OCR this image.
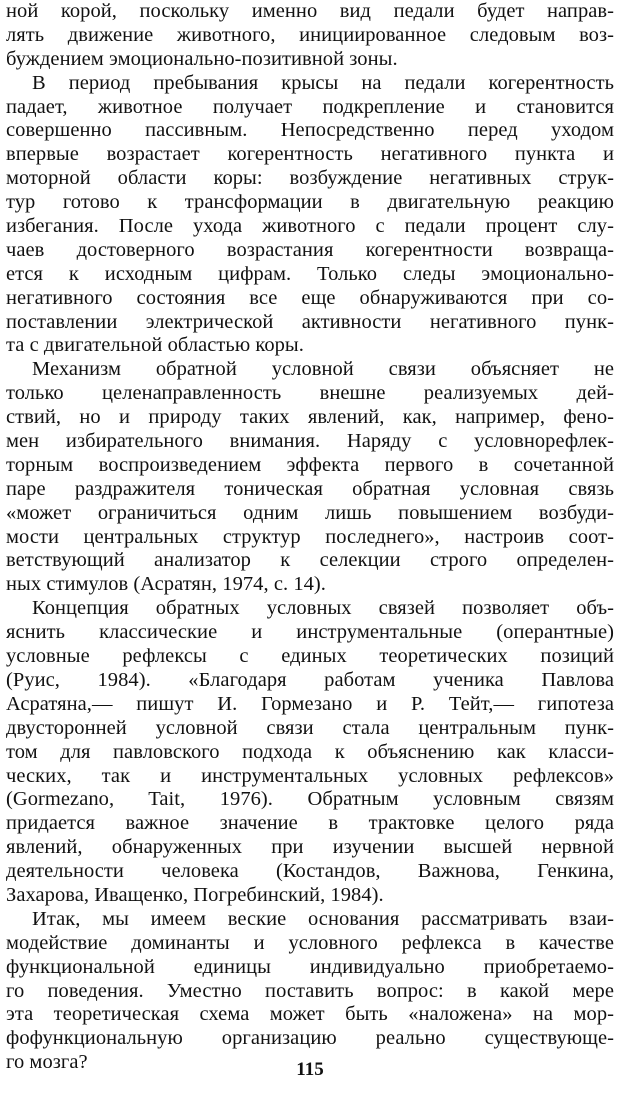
ной корой, поскольку именно вид педали будет направ-
лять движение животного, инициированное следовым воз-
буждением эмоционально-позитивной зоны.
В период пребывания крысы на педали когерентность
падает, животное получает подкрепление и становится
совершенно пассивным. Непосредственно перед уходом
впервые возрастает когерентность негативного пункта и
моторной области коры: возбуждение негативных струк-
тур готово к трансформации в двигательную реакцию
избегания. После ухода животного с педали процент слу-
чаев достоверного возрастания когерентности возвраща-
ется к исходным цифрам. Только следы эмоционально-
негативного состояния все еще обнаруживаются при со-
поставлении электрической активности негативного пунк-
та с двигательной областью коры.
Механизм обратной условной связи объясняет не
только целенаправленность внешне реализуемых дей-
ствий, но и природу таких явлений, как, например, фено-
мен избирательного внимания. Наряду с условнорефлек-
торным воспроизведением эффекта первого в сочетанной
паре раздражителя тоническая обратная условная связь
«может ограничиться одним лишь повышением возбуди-
мости центральных структур последнего», настроив соот-
ветствующий анализатор к селекции строго определен-
ных стимулов (Асратян, 1974, с. 14).
Концепция обратных условных связей позволяет объ-
яснить классические и инструментальные (оперантные)
условные рефлексы с единых теоретических позиций
(Руис, 1984). «Благодаря работам ученика Павлова
Асратяна,— пишут И. Гормезано и Р. Тейт,— гипотеза
двусторонней условной связи стала центральным пунк-
том для павловского подхода к объяснению как класси-
ческих, так и инструментальных условных рефлексов»
(Gormezano, Tait, 1976). Обратным условным связям
придается важное значение в трактовке целого ряда
явлений, обнаруженных при изучении высшей нервной
деятельности человека (Костандов, Важнова, Генкина,
Захарова, Иващенко, Погребинский, 1984).
Итак, мы имеем веские основания рассматривать взаи-
модействие доминанты и условного рефлекса в качестве
функциональной единицы индивидуально приобретаемо-
го поведения. Уместно поставить вопрос: в какой мере
эта теоретическая схема может быть «наложена» на мор-
фофункциональную организацию реально существующе-
го мозга?	115
